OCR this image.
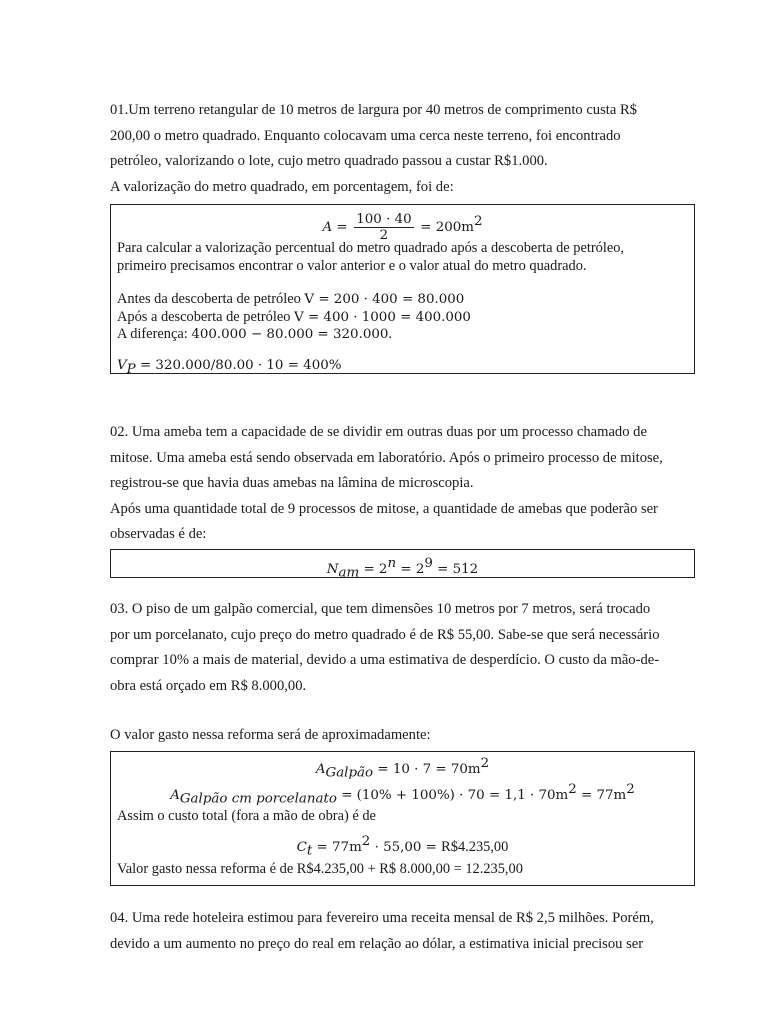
01.Um terreno retangular de 10 metros de largura por 40 metros de comprimento custa R$
200,00 o metro quadrado. Enquanto colocavam uma cerca neste terreno, foi encontrado
petróleo, valorizando o lote, cujo metro quadrado passou a custar R$1.000.
A valorização do metro quadrado, em porcentagem, foi de:

$A = \frac{100 \cdot 40}{2} = 200m^2$
Para calcular a valorização percentual do metro quadrado após a descoberta de petróleo,
primeiro precisamos encontrar o valor anterior e o valor atual do metro quadrado.
Antes da descoberta de petróleo V = 200 · 400 = 80.000
Após a descoberta de petróleo V = 400 · 1000 = 400.000
A diferença: 400.000 − 80.000 = 320.000.
$V_P = 320.000/80.00 \cdot 10 = 400\%$

02. Uma ameba tem a capacidade de se dividir em outras duas por um processo chamado de
mitose. Uma ameba está sendo observada em laboratório. Após o primeiro processo de mitose,
registrou-se que havia duas amebas na lâmina de microscopia.
Após uma quantidade total de 9 processos de mitose, a quantidade de amebas que poderão ser
observadas é de:

$N_{am} = 2^n = 2^9 = 512$

03. O piso de um galpão comercial, que tem dimensões 10 metros por 7 metros, será trocado
por um porcelanato, cujo preço do metro quadrado é de R$ 55,00. Sabe-se que será necessário
comprar 10% a mais de material, devido a uma estimativa de desperdício. O custo da mão-de-
obra está orçado em R$ 8.000,00.

O valor gasto nessa reforma será de aproximadamente:

$A_{Galpão} = 10 \cdot 7 = 70m^2$
$A_{Galpão cm porcelanato} = (10\% + 100\%) \cdot 70 = 1,1 \cdot 70m^2 = 77m^2$
Assim o custo total (fora a mão de obra) é de
$C_t = 77m^2 \cdot 55,00$ = R$4.235,00
Valor gasto nessa reforma é de R$4.235,00 + R$ 8.000,00 = 12.235,00

04. Uma rede hoteleira estimou para fevereiro uma receita mensal de R$ 2,5 milhões. Porém,
devido a um aumento no preço do real em relação ao dólar, a estimativa inicial precisou ser
